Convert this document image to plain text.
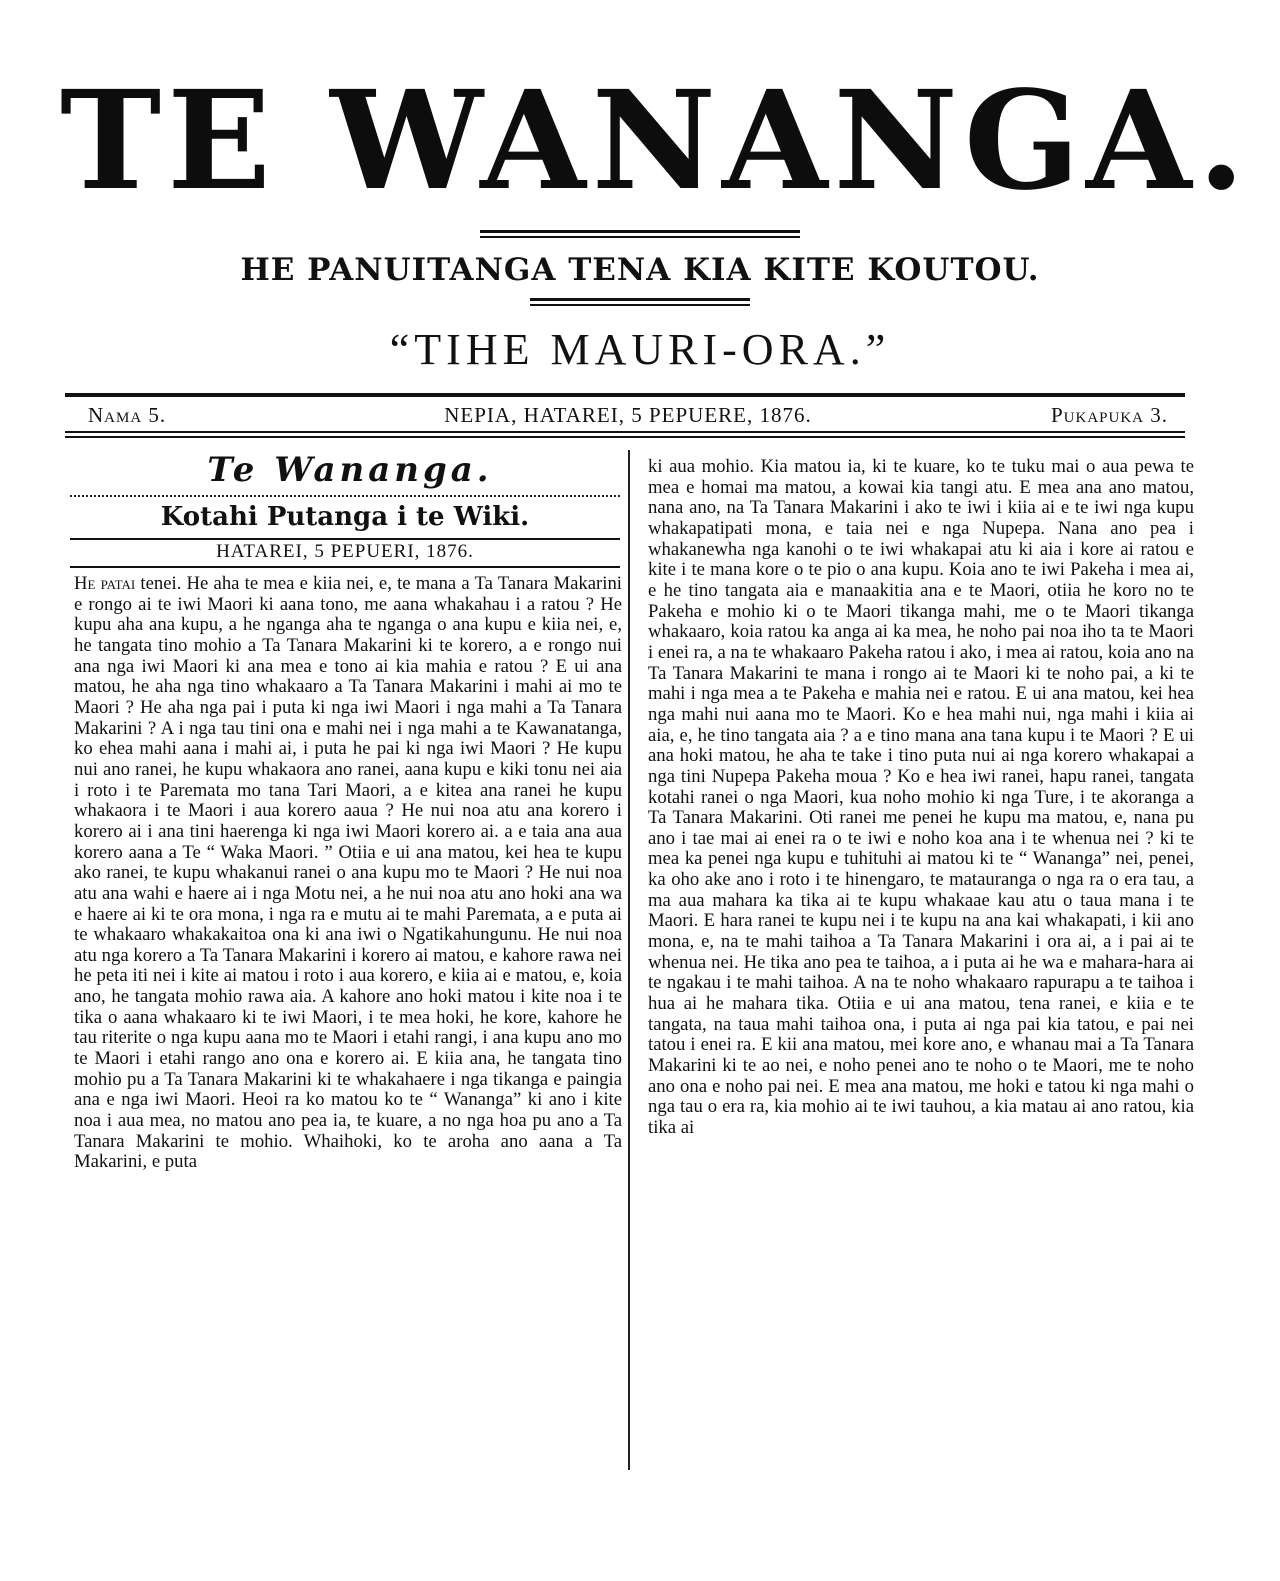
TE WANANGA.
HE PANUITANGA TENA KIA KITE KOUTOU.
“TIHE MAURI-ORA.”
Nama 5.	NEPIA, HATAREI, 5 PEPUERE, 1876.	Pukapuka 3.
Te Wananga.
Kotahi Putanga i te Wiki.
HATAREI, 5 PEPUERI, 1876.
He patai tenei. He aha te mea e kiia nei, e, te mana a Ta Tanara Makarini e rongo ai te iwi Maori ki aana tono, me aana whakahau i a ratou ? He kupu aha ana kupu, a he nganga aha te nganga o ana kupu e kiia nei, e, he tangata tino mohio a Ta Tanara Makarini ki te korero, a e rongo nui ana nga iwi Maori ki ana mea e tono ai kia mahia e ratou ? E ui ana matou, he aha nga tino whakaaro a Ta Tanara Makarini i mahi ai mo te Maori ? He aha nga pai i puta ki nga iwi Maori i nga mahi a Ta Tanara Makarini ? A i nga tau tini ona e mahi nei i nga mahi a te Kawanatanga, ko ehea mahi aana i mahi ai, i puta he pai ki nga iwi Maori ? He kupu nui ano ranei, he kupu whakaora ano ranei, aana kupu e kiki tonu nei aia i roto i te Paremata mo tana Tari Maori, a e kitea ana ranei he kupu whakaora i te Maori i aua korero aaua ? He nui noa atu ana korero i korero ai i ana tini haerenga ki nga iwi Maori korero ai. a e taia ana aua korero aana a Te “ Waka Maori. ” Otiia e ui ana matou, kei hea te kupu ako ranei, te kupu whakanui ranei o ana kupu mo te Maori ? He nui noa atu ana wahi e haere ai i nga Motu nei, a he nui noa atu ano hoki ana wa e haere ai ki te ora mona, i nga ra e mutu ai te mahi Paremata, a e puta ai te whakaaro whakakaitoa ona ki ana iwi o Ngatikahungunu. He nui noa atu nga korero a Ta Tanara Makarini i korero ai matou, e kahore rawa nei he peta iti nei i kite ai matou i roto i aua korero, e kiia ai e matou, e, koia ano, he tangata mohio rawa aia. A kahore ano hoki matou i kite noa i te tika o aana whakaaro ki te iwi Maori, i te mea hoki, he kore, kahore he tau riterite o nga kupu aana mo te Maori i etahi rangi, i ana kupu ano mo te Maori i etahi rango ano ona e korero ai. E kiia ana, he tangata tino mohio pu a Ta Tanara Makarini ki te whakahaere i nga tikanga e paingia ana e nga iwi Maori. Heoi ra ko matou ko te “ Wananga” ki ano i kite noa i aua mea, no matou ano pea ia, te kuare, a no nga hoa pu ano a Ta Tanara Makarini te mohio. Whaihoki, ko te aroha ano aana a Ta Makarini, e puta
ki aua mohio. Kia matou ia, ki te kuare, ko te tuku mai o aua pewa te mea e homai ma matou, a kowai kia tangi atu. E mea ana ano matou, nana ano, na Ta Tanara Makarini i ako te iwi i kiia ai e te iwi nga kupu whakapatipati mona, e taia nei e nga Nupepa. Nana ano pea i whakanewha nga kanohi o te iwi whakapai atu ki aia i kore ai ratou e kite i te mana kore o te pio o ana kupu. Koia ano te iwi Pakeha i mea ai, e he tino tangata aia e manaakitia ana e te Maori, otiia he koro no te Pakeha e mohio ki o te Maori tikanga mahi, me o te Maori tikanga whakaaro, koia ratou ka anga ai ka mea, he noho pai noa iho ta te Maori i enei ra, a na te whakaaro Pakeha ratou i ako, i mea ai ratou, koia ano na Ta Tanara Makarini te mana i rongo ai te Maori ki te noho pai, a ki te mahi i nga mea a te Pakeha e mahia nei e ratou. E ui ana matou, kei hea nga mahi nui aana mo te Maori. Ko e hea mahi nui, nga mahi i kiia ai aia, e, he tino tangata aia ? a e tino mana ana tana kupu i te Maori ? E ui ana hoki matou, he aha te take i tino puta nui ai nga korero whakapai a nga tini Nupepa Pakeha moua ? Ko e hea iwi ranei, hapu ranei, tangata kotahi ranei o nga Maori, kua noho mohio ki nga Ture, i te akoranga a Ta Tanara Makarini. Oti ranei me penei he kupu ma matou, e, nana pu ano i tae mai ai enei ra o te iwi e noho koa ana i te whenua nei ? ki te mea ka penei nga kupu e tuhituhi ai matou ki te “ Wananga” nei, penei, ka oho ake ano i roto i te hinengaro, te matauranga o nga ra o era tau, a ma aua mahara ka tika ai te kupu whakaae kau atu o taua mana i te Maori. E hara ranei te kupu nei i te kupu na ana kai whakapati, i kii ano mona, e, na te mahi taihoa a Ta Tanara Makarini i ora ai, a i pai ai te whenua nei. He tika ano pea te taihoa, a i puta ai he wa e mahara-hara ai te ngakau i te mahi taihoa. A na te noho whakaaro rapurapu a te taihoa i hua ai he mahara tika. Otiia e ui ana matou, tena ranei, e kiia e te tangata, na taua mahi taihoa ona, i puta ai nga pai kia tatou, e pai nei tatou i enei ra. E kii ana matou, mei kore ano, e whanau mai a Ta Tanara Makarini ki te ao nei, e noho penei ano te noho o te Maori, me te noho ano ona e noho pai nei. E mea ana matou, me hoki e tatou ki nga mahi o nga tau o era ra, kia mohio ai te iwi tauhou, a kia matau ai ano ratou, kia tika ai
